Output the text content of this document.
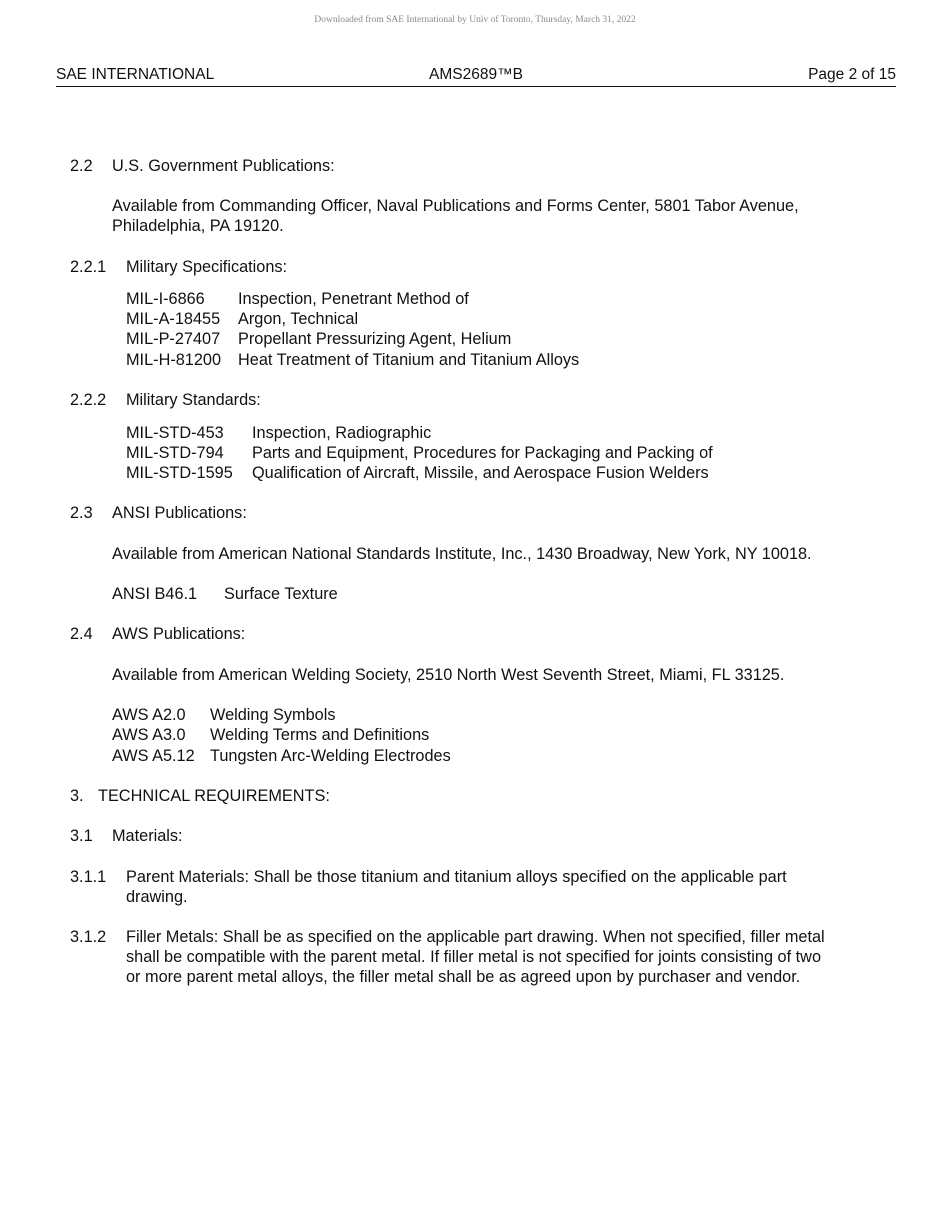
Downloaded from SAE International by Univ of Toronto, Thursday, March 31, 2022
SAE INTERNATIONAL	AMS2689™B	Page 2 of 15
2.2 U.S. Government Publications:
Available from Commanding Officer, Naval Publications and Forms Center, 5801 Tabor Avenue,
Philadelphia, PA 19120.
2.2.1 Military Specifications:
MIL-I-6866 Inspection, Penetrant Method of
MIL-A-18455 Argon, Technical
MIL-P-27407 Propellant Pressurizing Agent, Helium
MIL-H-81200 Heat Treatment of Titanium and Titanium Alloys
2.2.2 Military Standards:
MIL-STD-453 Inspection, Radiographic
MIL-STD-794 Parts and Equipment, Procedures for Packaging and Packing of
MIL-STD-1595 Qualification of Aircraft, Missile, and Aerospace Fusion Welders
2.3 ANSI Publications:
Available from American National Standards Institute, Inc., 1430 Broadway, New York, NY 10018.
ANSI B46.1 Surface Texture
2.4 AWS Publications:
Available from American Welding Society, 2510 North West Seventh Street, Miami, FL 33125.
AWS A2.0 Welding Symbols
AWS A3.0 Welding Terms and Definitions
AWS A5.12 Tungsten Arc-Welding Electrodes
3. TECHNICAL REQUIREMENTS:
3.1 Materials:
3.1.1 Parent Materials: Shall be those titanium and titanium alloys specified on the applicable part
drawing.
3.1.2 Filler Metals: Shall be as specified on the applicable part drawing. When not specified, filler metal
shall be compatible with the parent metal. If filler metal is not specified for joints consisting of two
or more parent metal alloys, the filler metal shall be as agreed upon by purchaser and vendor.
